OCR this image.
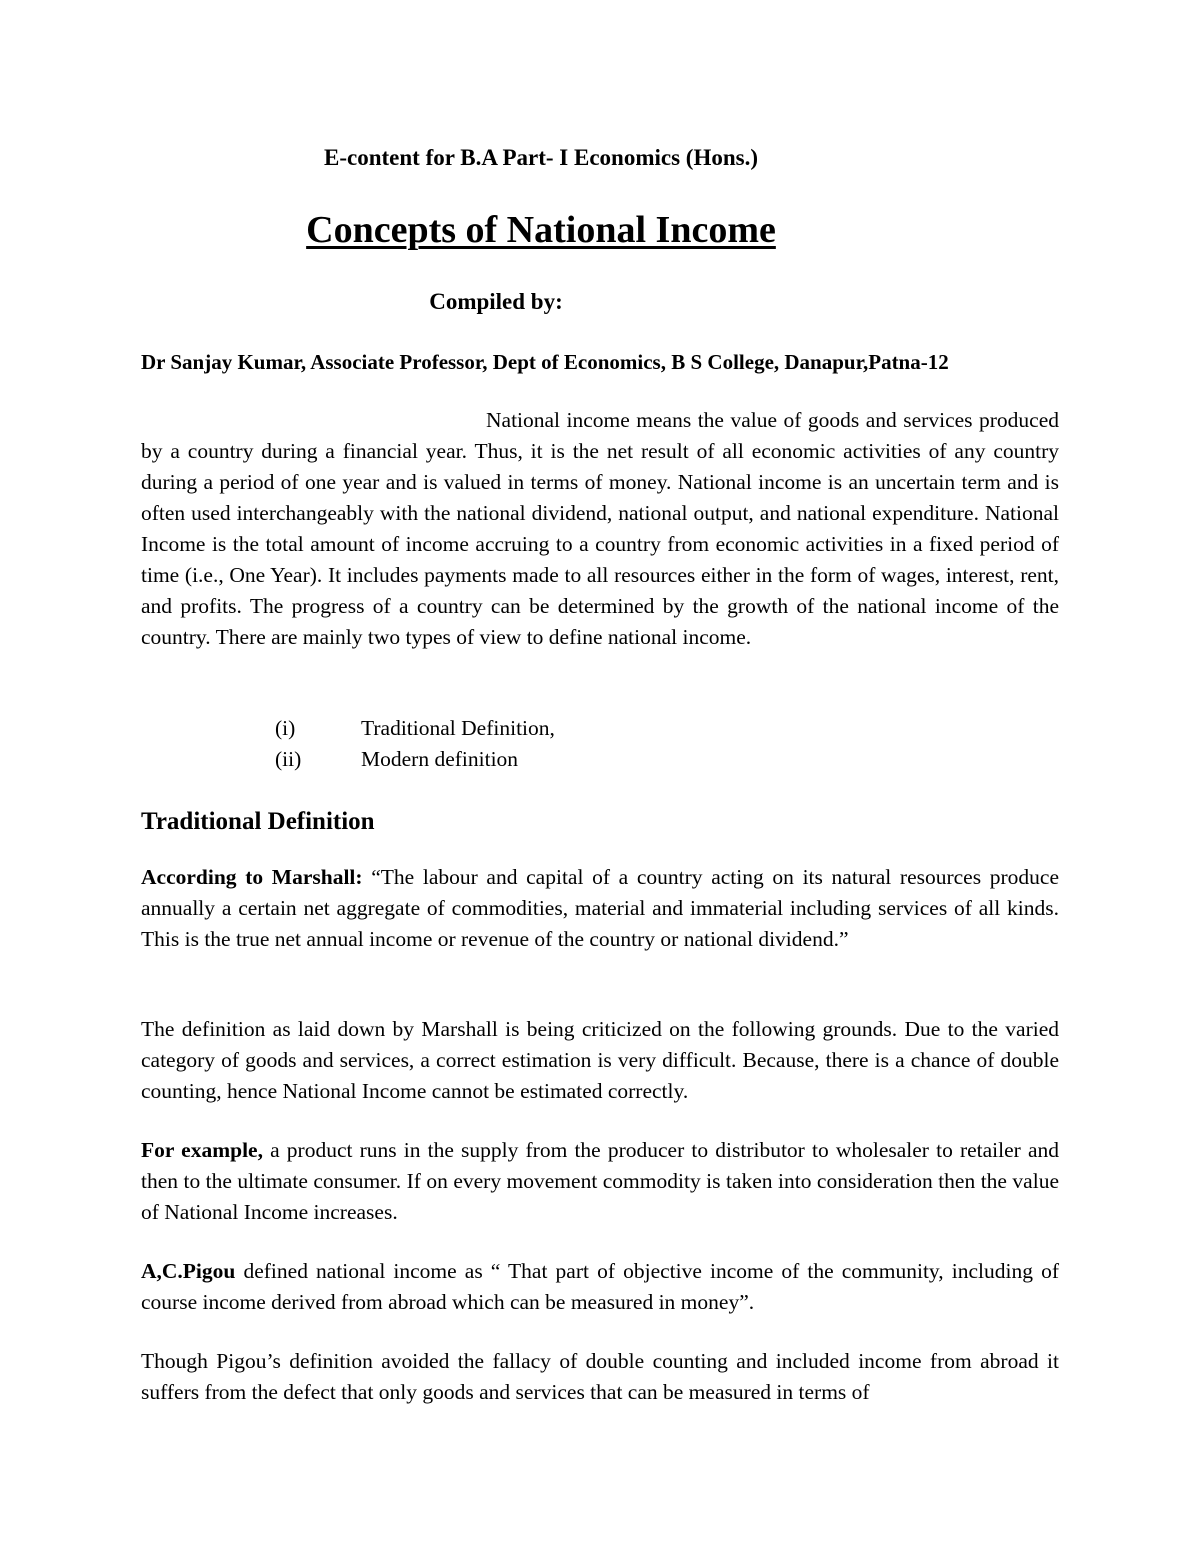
E-content for B.A Part- I Economics (Hons.)
Concepts of National Income
Compiled by:
Dr Sanjay Kumar, Associate Professor, Dept of Economics, B S College, Danapur,Patna-12

National income means the value of goods and services produced by a country during a financial year. Thus, it is the net result of all economic activities of any country during a period of one year and is valued in terms of money. National income is an uncertain term and is often used interchangeably with the national dividend, national output, and national expenditure. National Income is the total amount of income accruing to a country from economic activities in a fixed period of time (i.e., One Year). It includes payments made to all resources either in the form of wages, interest, rent, and profits. The progress of a country can be determined by the growth of the national income of the country. There are mainly two types of view to define national income.

(i)	Traditional Definition,
(ii)	Modern definition
Traditional Definition

According to Marshall: “The labour and capital of a country acting on its natural resources produce annually a certain net aggregate of commodities, material and immaterial including services of all kinds. This is the true net annual income or revenue of the country or national dividend.”

The definition as laid down by Marshall is being criticized on the following grounds. Due to the varied category of goods and services, a correct estimation is very difficult. Because, there is a chance of double counting, hence National Income cannot be estimated correctly.

For example, a product runs in the supply from the producer to distributor to wholesaler to retailer and then to the ultimate consumer. If on every movement commodity is taken into consideration then the value of National Income increases.

A,C.Pigou defined national income as “ That part of objective income of the community, including of course income derived from abroad which can be measured in money”.

Though Pigou’s definition avoided the fallacy of double counting and included income from abroad it suffers from the defect that only goods and services that can be measured in terms of
